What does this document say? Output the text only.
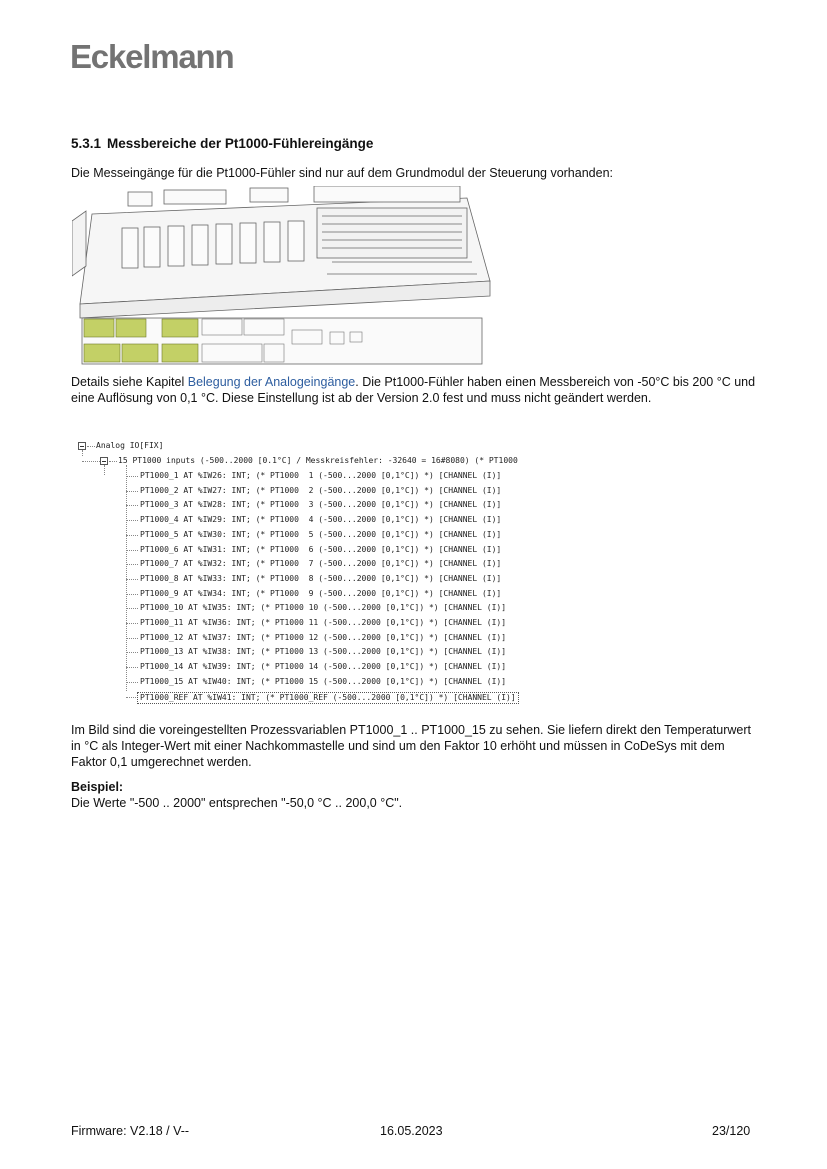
Eckelmann
5.3.1 Messbereiche der Pt1000-Fühlereingänge
Die Messeingänge für die Pt1000-Fühler sind nur auf dem Grundmodul der Steuerung vorhanden:
Details siehe Kapitel Belegung der Analogeingänge. Die Pt1000-Fühler haben einen Messbereich von -50°C bis 200 °C und eine Auflösung von 0,1 °C. Diese Einstellung ist ab der Version 2.0 fest und muss nicht geändert werden.
Analog IO[FIX]
15 PT1000 inputs (-500..2000 [0.1°C] / Messkreisfehler: -32640 = 16#8080) (* PT1000
PT1000_1 AT %IW26: INT; (* PT1000  1 (-500...2000 [0,1°C]) *) [CHANNEL (I)]
PT1000_2 AT %IW27: INT; (* PT1000  2 (-500...2000 [0,1°C]) *) [CHANNEL (I)]
PT1000_3 AT %IW28: INT; (* PT1000  3 (-500...2000 [0,1°C]) *) [CHANNEL (I)]
PT1000_4 AT %IW29: INT; (* PT1000  4 (-500...2000 [0,1°C]) *) [CHANNEL (I)]
PT1000_5 AT %IW30: INT; (* PT1000  5 (-500...2000 [0,1°C]) *) [CHANNEL (I)]
PT1000_6 AT %IW31: INT; (* PT1000  6 (-500...2000 [0,1°C]) *) [CHANNEL (I)]
PT1000_7 AT %IW32: INT; (* PT1000  7 (-500...2000 [0,1°C]) *) [CHANNEL (I)]
PT1000_8 AT %IW33: INT; (* PT1000  8 (-500...2000 [0,1°C]) *) [CHANNEL (I)]
PT1000_9 AT %IW34: INT; (* PT1000  9 (-500...2000 [0,1°C]) *) [CHANNEL (I)]
PT1000_10 AT %IW35: INT; (* PT1000 10 (-500...2000 [0,1°C]) *) [CHANNEL (I)]
PT1000_11 AT %IW36: INT; (* PT1000 11 (-500...2000 [0,1°C]) *) [CHANNEL (I)]
PT1000_12 AT %IW37: INT; (* PT1000 12 (-500...2000 [0,1°C]) *) [CHANNEL (I)]
PT1000_13 AT %IW38: INT; (* PT1000 13 (-500...2000 [0,1°C]) *) [CHANNEL (I)]
PT1000_14 AT %IW39: INT; (* PT1000 14 (-500...2000 [0,1°C]) *) [CHANNEL (I)]
PT1000_15 AT %IW40: INT; (* PT1000 15 (-500...2000 [0,1°C]) *) [CHANNEL (I)]
PT1000_REF AT %IW41: INT; (* PT1000_REF (-500...2000 [0,1°C]) *) [CHANNEL (I)]
Im Bild sind die voreingestellten Prozessvariablen PT1000_1 .. PT1000_15 zu sehen. Sie liefern direkt den Temperaturwert in °C als Integer-Wert mit einer Nachkommastelle und sind um den Faktor 10 erhöht und müssen in CoDeSys mit dem Faktor 0,1 umgerechnet werden.
Beispiel:
Die Werte "-500 .. 2000" entsprechen "-50,0 °C .. 200,0 °C".
Firmware: V2.18 / V--	16.05.2023	23/120
